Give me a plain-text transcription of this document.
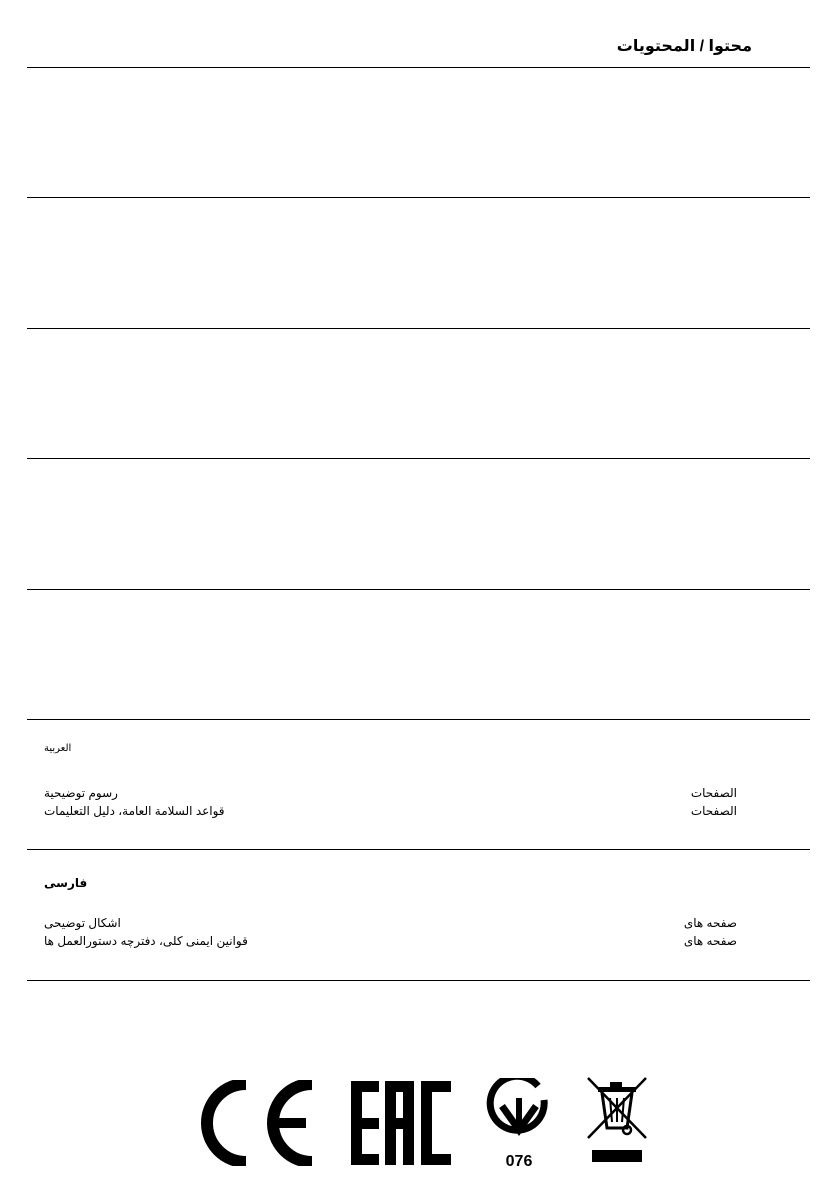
محتوا / المحتويات
العربية
رسوم توضيحية	الصفحات
قواعد السلامة العامة، دليل التعليمات	الصفحات
فارسی
اشکال توضیحی	صفحه های
قوانین ایمنی کلی، دفترچه دستورالعمل ها	صفحه های
076
